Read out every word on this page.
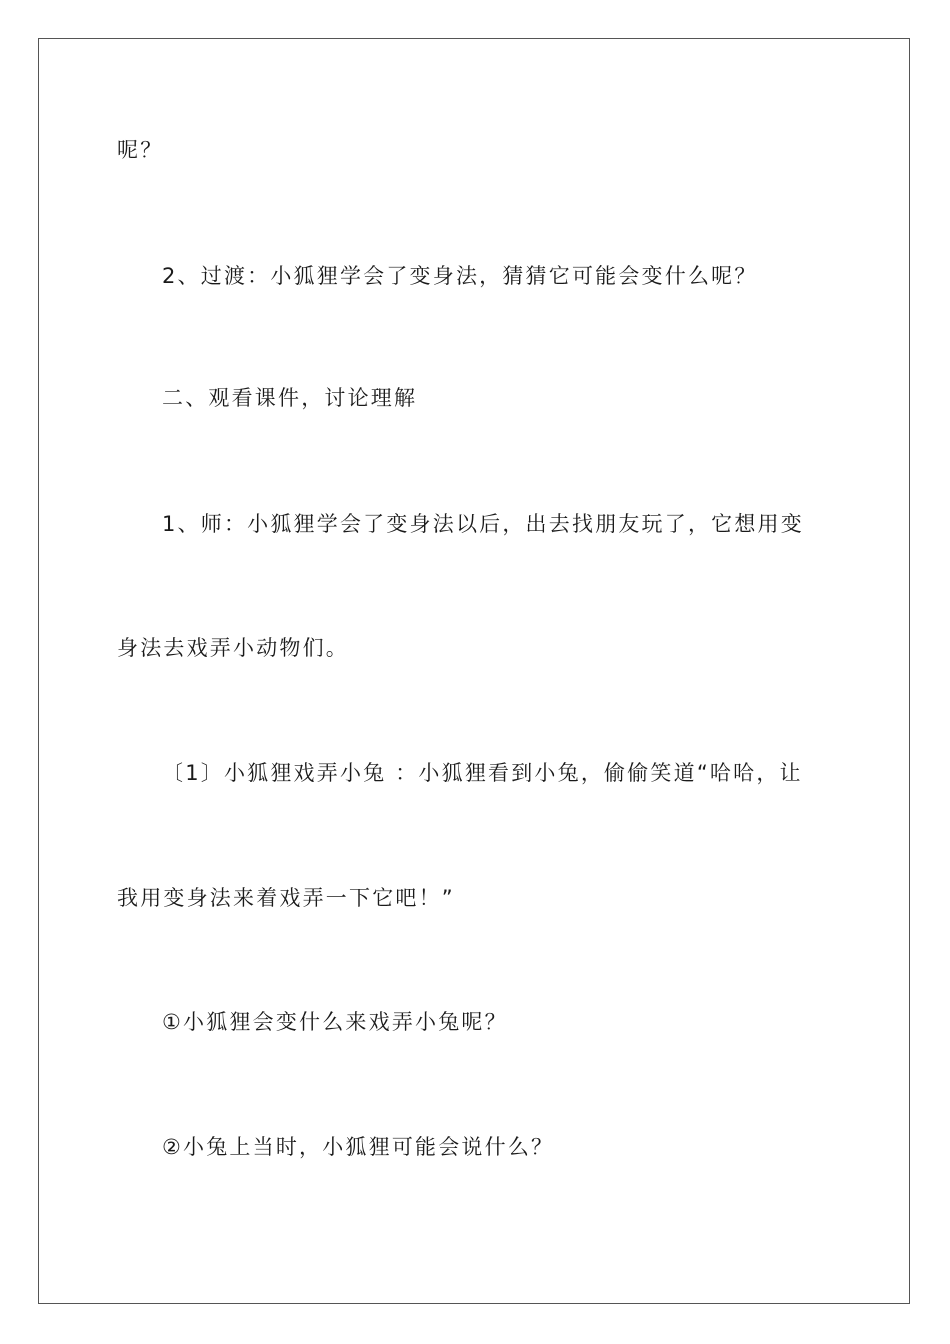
呢？
2、过渡：小狐狸学会了变身法，猜猜它可能会变什么呢？
二、观看课件，讨论理解
1、师：小狐狸学会了变身法以后，出去找朋友玩了，它想用变
身法去戏弄小动物们。
〔1〕小狐狸戏弄小兔 ：小狐狸看到小兔，偷偷笑道“哈哈，让
我用变身法来着戏弄一下它吧！”
①小狐狸会变什么来戏弄小兔呢？
②小兔上当时，小狐狸可能会说什么？
